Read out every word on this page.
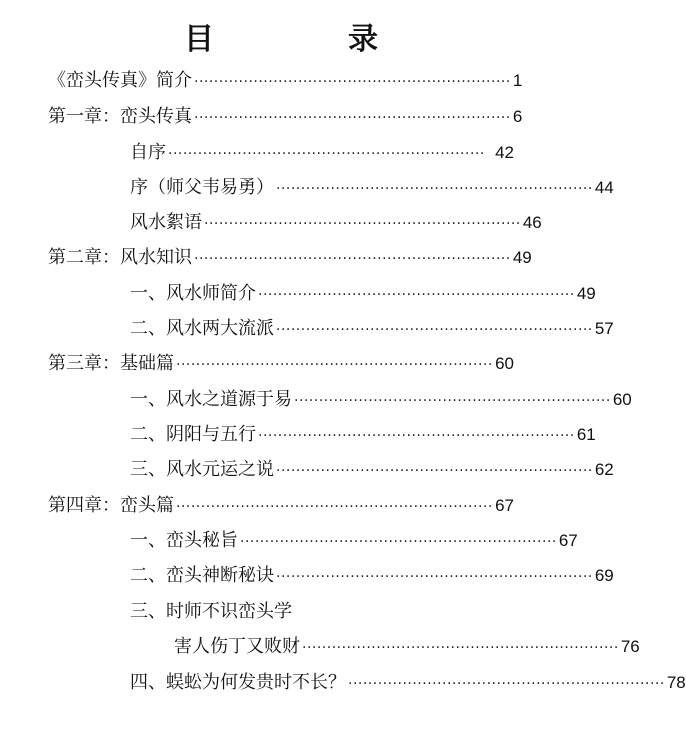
目　录
《峦头传真》简介 ································································ 1
第一章：峦头传真 ································································ 6
自序 ································································ 42
序（师父韦易勇） ································································ 44
风水絮语 ································································ 46
第二章：风水知识 ································································ 49
一、风水师简介 ································································ 49
二、风水两大流派 ································································ 57
第三章：基础篇 ································································ 60
一、风水之道源于易 ································································ 60
二、阴阳与五行 ································································ 61
三、风水元运之说 ································································ 62
第四章：峦头篇 ································································ 67
一、峦头秘旨 ································································ 67
二、峦头神断秘诀 ································································ 69
三、时师不识峦头学
害人伤丁又败财 ································································ 76
四、蜈蚣为何发贵时不长？ ································································ 78
